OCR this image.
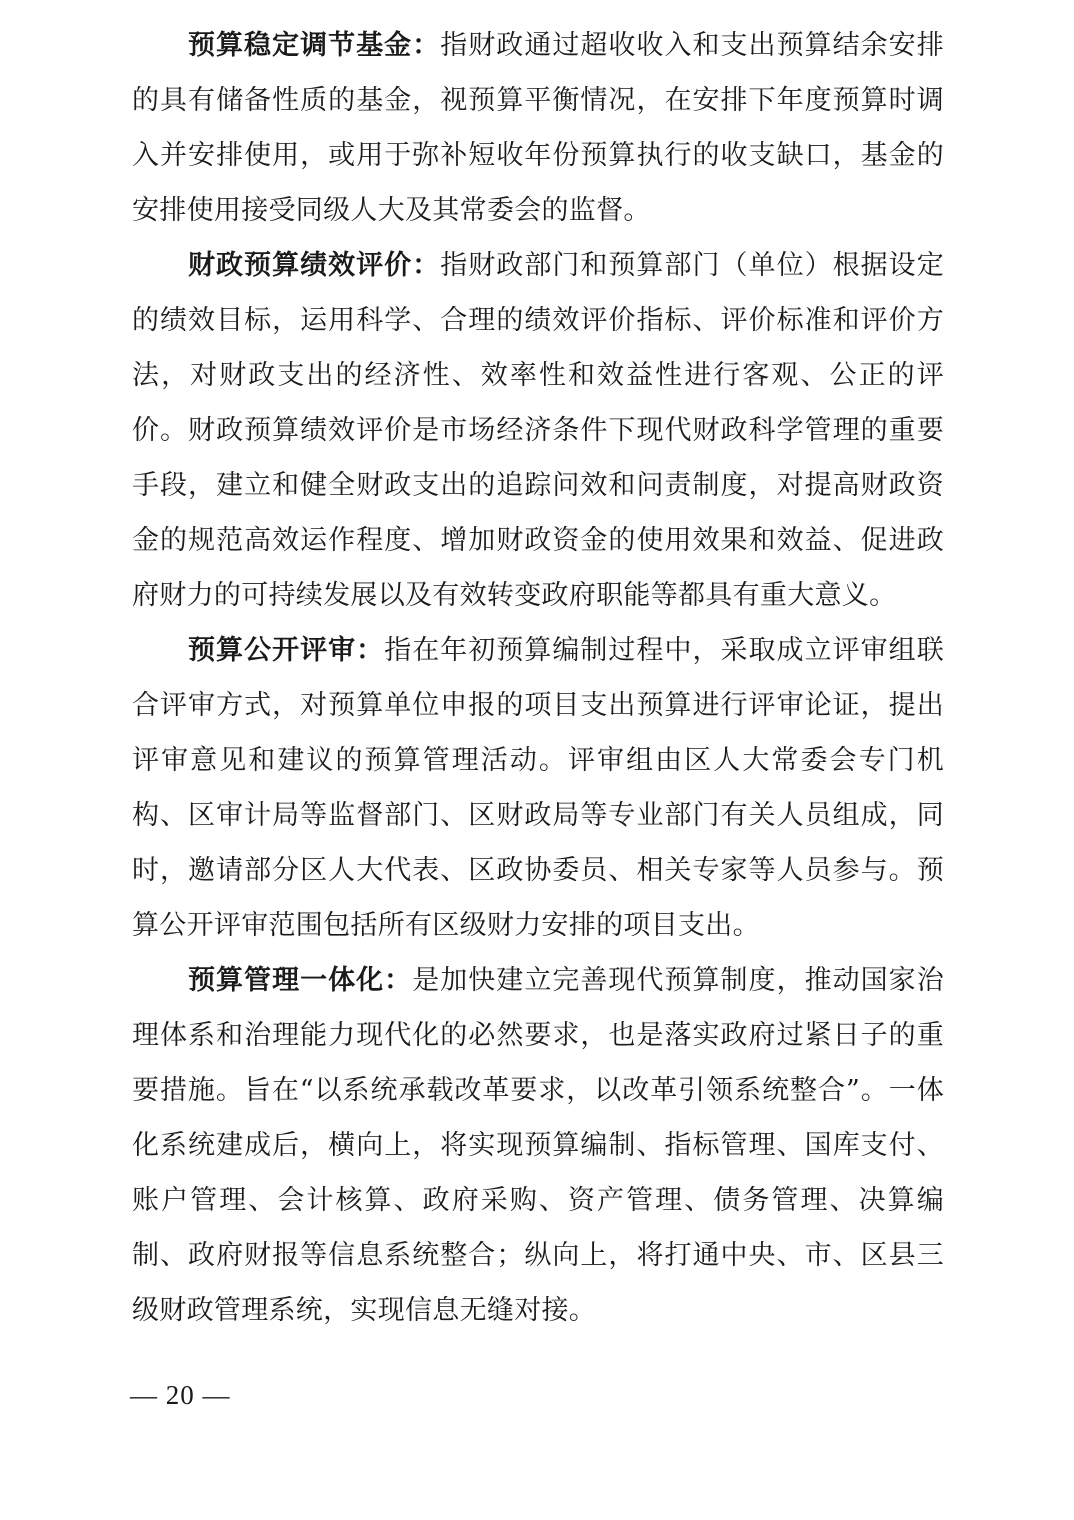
预算稳定调节基金：指财政通过超收收入和支出预算结余安排的具有储备性质的基金，视预算平衡情况，在安排下年度预算时调入并安排使用，或用于弥补短收年份预算执行的收支缺口，基金的安排使用接受同级人大及其常委会的监督。

财政预算绩效评价：指财政部门和预算部门（单位）根据设定的绩效目标，运用科学、合理的绩效评价指标、评价标准和评价方法，对财政支出的经济性、效率性和效益性进行客观、公正的评价。财政预算绩效评价是市场经济条件下现代财政科学管理的重要手段，建立和健全财政支出的追踪问效和问责制度，对提高财政资金的规范高效运作程度、增加财政资金的使用效果和效益、促进政府财力的可持续发展以及有效转变政府职能等都具有重大意义。

预算公开评审：指在年初预算编制过程中，采取成立评审组联合评审方式，对预算单位申报的项目支出预算进行评审论证，提出评审意见和建议的预算管理活动。评审组由区人大常委会专门机构、区审计局等监督部门、区财政局等专业部门有关人员组成，同时，邀请部分区人大代表、区政协委员、相关专家等人员参与。预算公开评审范围包括所有区级财力安排的项目支出。

预算管理一体化：是加快建立完善现代预算制度，推动国家治理体系和治理能力现代化的必然要求，也是落实政府过紧日子的重要措施。旨在“以系统承载改革要求，以改革引领系统整合”。一体化系统建成后，横向上，将实现预算编制、指标管理、国库支付、账户管理、会计核算、政府采购、资产管理、债务管理、决算编制、政府财报等信息系统整合；纵向上，将打通中央、市、区县三级财政管理系统，实现信息无缝对接。

— 20 —
